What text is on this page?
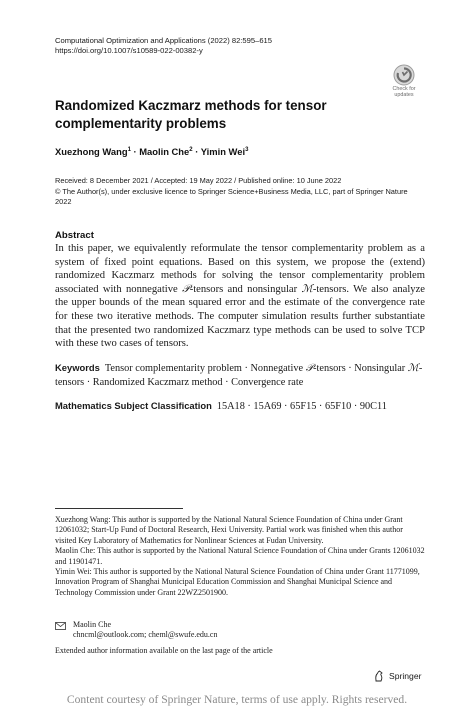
Computational Optimization and Applications (2022) 82:595–615
https://doi.org/10.1007/s10589-022-00382-y
Check for
updates
Randomized Kaczmarz methods for tensor
complementarity problems
Xuezhong Wang$^1$ · Maolin Che$^2$ · Yimin Wei$^3$
Received: 8 December 2021 / Accepted: 19 May 2022 / Published online: 10 June 2022
© The Author(s), under exclusive licence to Springer Science+Business Media, LLC, part of Springer Nature 2022
Abstract
In this paper, we equivalently reformulate the tensor complementarity problem as a system of fixed point equations. Based on this system, we propose the (extend) randomized Kaczmarz methods for solving the tensor complementarity problem associated with nonnegative 𝒫-tensors and nonsingular ℳ-tensors. We also analyze the upper bounds of the mean squared error and the estimate of the convergence rate for these two iterative methods. The computer simulation results further substantiate that the presented two randomized Kaczmarz type methods can be used to solve TCP with these two cases of tensors.
Keywords Tensor complementarity problem · Nonnegative 𝒫-tensors · Nonsingular ℳ-tensors · Randomized Kaczmarz method · Convergence rate
Mathematics Subject Classification 15A18 · 15A69 · 65F15 · 65F10 · 90C11

Xuezhong Wang: This author is supported by the National Natural Science Foundation of China under Grant 12061032; Start-Up Fund of Doctoral Research, Hexi University. Partial work was finished when this author visited Key Laboratory of Mathematics for Nonlinear Sciences at Fudan University.

Maolin Che: This author is supported by the National Natural Science Foundation of China under Grants 12061032 and 11901471.

Yimin Wei: This author is supported by the National Natural Science Foundation of China under Grant 11771099, Innovation Program of Shanghai Municipal Education Commission and Shanghai Municipal Science and Technology Commission under Grant 22WZ2501900.

Maolin Che
chncml@outlook.com; cheml@swufe.edu.cn
Extended author information available on the last page of the article
Springer
Content courtesy of Springer Nature, terms of use apply. Rights reserved.
